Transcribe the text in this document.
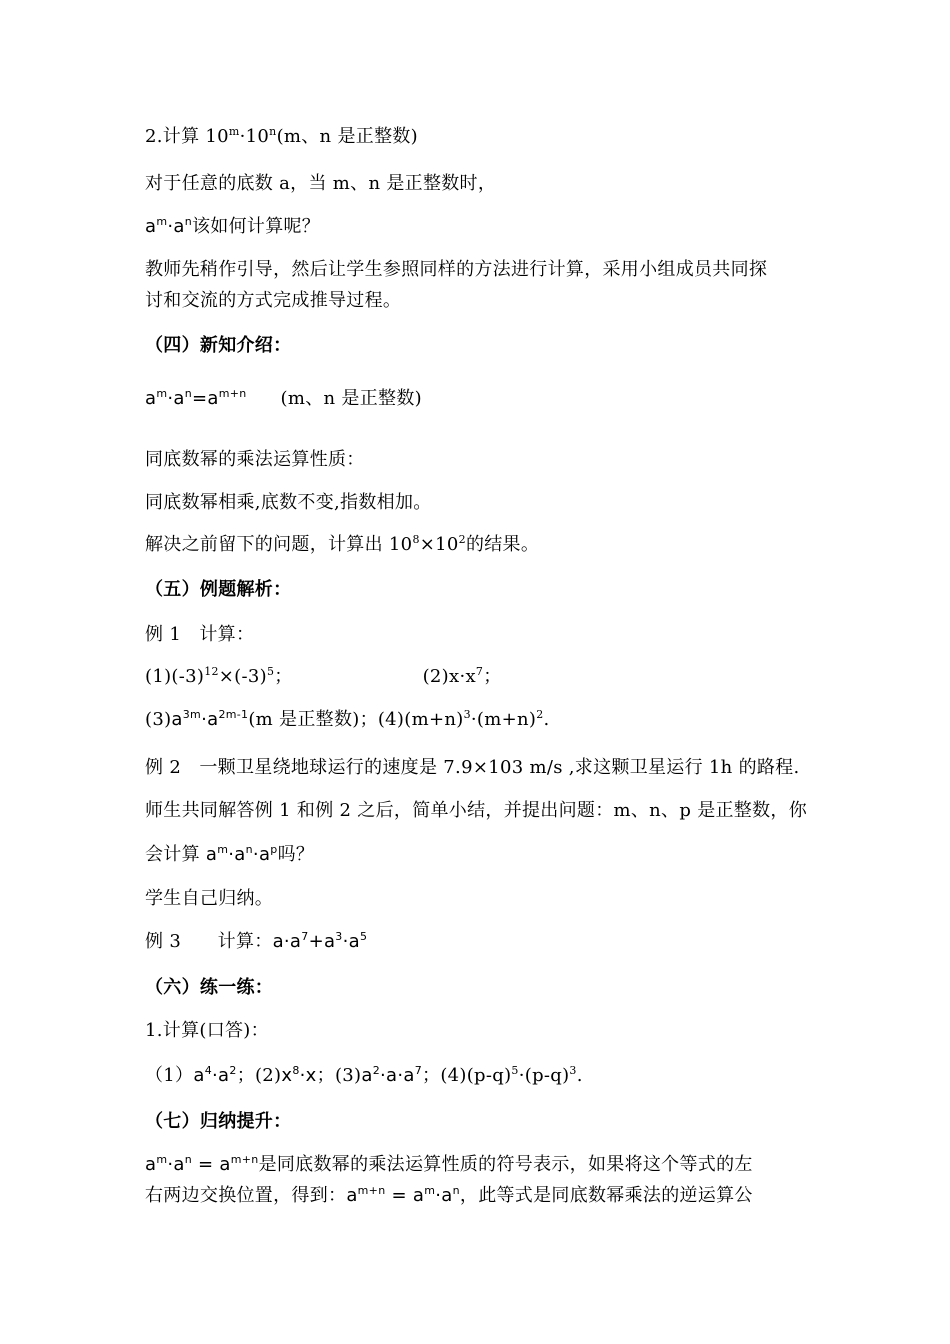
2.计算 $10^m\cdot 10^n(m$、n 是正整数)
对于任意的底数 a，当 m、n 是正整数时，
$a^m\cdot a^n$该如何计算呢？
教师先稍作引导，然后让学生参照同样的方法进行计算，采用小组成员共同探
讨和交流的方式完成推导过程。
（四）新知介绍：
$a^m\cdot a^n=a^{m+n}$ (m、n 是正整数)
同底数幂的乘法运算性质：
同底数幂相乘,底数不变,指数相加。
解决之前留下的问题，计算出 $10^8\times 10^2$的结果。
（五）例题解析：
例 1　计算：
$(1)(-3)^{12}\times(-3)^5$；	$(2)x\cdot x^7$；
$(3)a^{3m}\cdot a^{2m-1}(m$ 是正整数)；$(4)(m+n)^3\cdot(m+n)^2$.
例 2　一颗卫星绕地球运行的速度是 7.9×103 m/s ,求这颗卫星运行 1h 的路程.
师生共同解答例 1 和例 2 之后，简单小结，并提出问题：m、n、p 是正整数，你
会计算 $a^m\cdot a^n\cdot a^p$吗？
学生自己归纳。
例 3　　计算：$a\cdot a^7+a^3\cdot a^5$
（六）练一练：
1.计算(口答)：
$(1)a^4\cdot a^2$；$(2)x^8\cdot x$；$(3)a^2\cdot a\cdot a^7$；$(4)(p-q)^5\cdot(p-q)^3$.
（七）归纳提升：
$a^m\cdot a^n = a^{m+n}$是同底数幂的乘法运算性质的符号表示，如果将这个等式的左
右两边交换位置，得到：$a^{m+n} = a^m\cdot a^n$，此等式是同底数幂乘法的逆运算公
